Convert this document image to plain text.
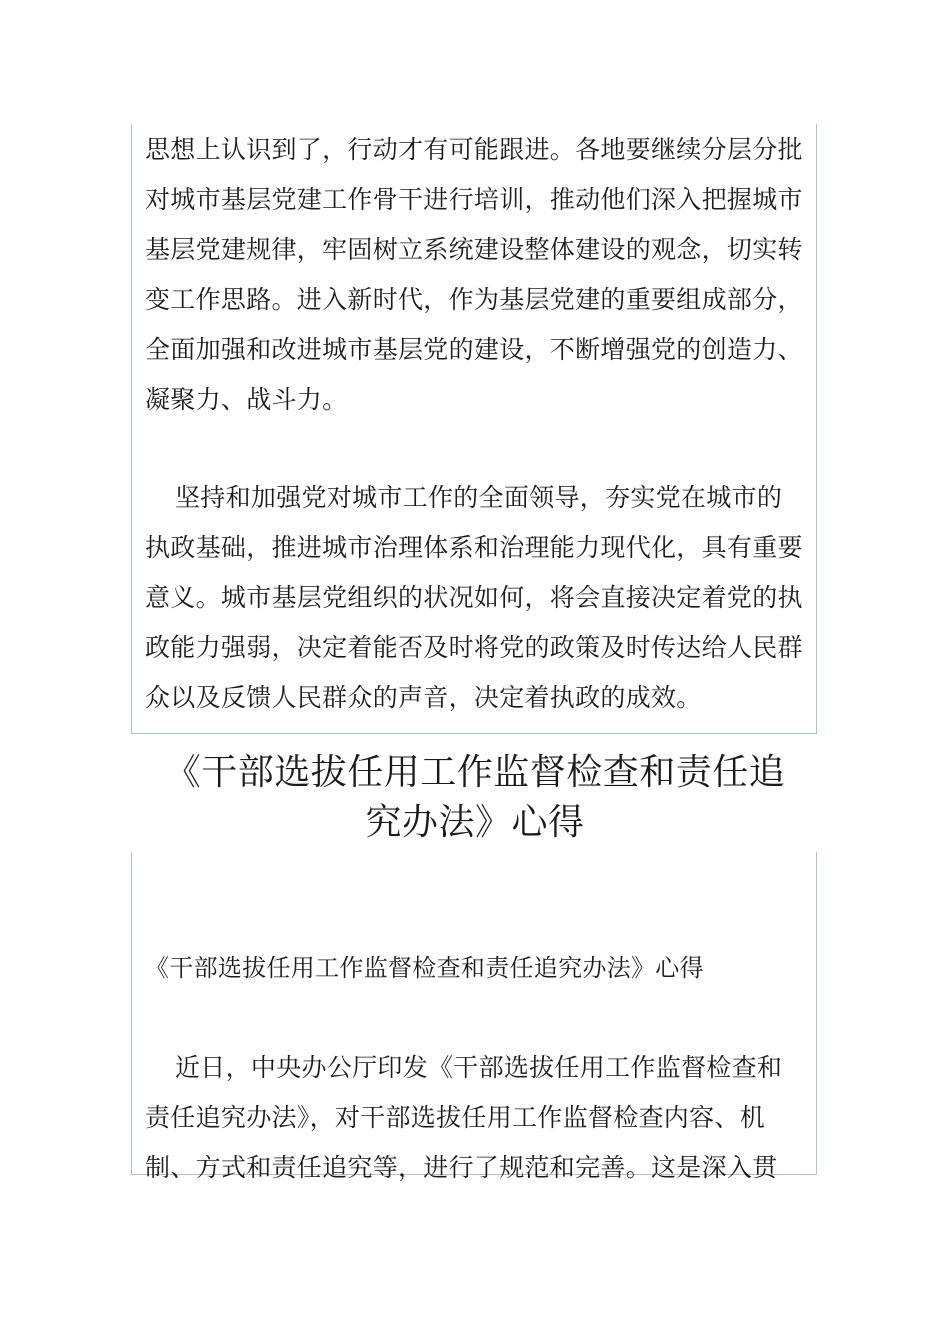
思想上认识到了，行动才有可能跟进。各地要继续分层分批对城市基层党建工作骨干进行培训，推动他们深入把握城市基层党建规律，牢固树立系统建设整体建设的观念，切实转变工作思路。进入新时代，作为基层党建的重要组成部分，全面加强和改进城市基层党的建设，不断增强党的创造力、凝聚力、战斗力。

坚持和加强党对城市工作的全面领导，夯实党在城市的执政基础，推进城市治理体系和治理能力现代化，具有重要意义。城市基层党组织的状况如何，将会直接决定着党的执政能力强弱，决定着能否及时将党的政策及时传达给人民群众以及反馈人民群众的声音，决定着执政的成效。

《干部选拔任用工作监督检查和责任追究办法》心得

《干部选拔任用工作监督检查和责任追究办法》心得

近日，中央办公厅印发《干部选拔任用工作监督检查和责任追究办法》，对干部选拔任用工作监督检查内容、机制、方式和责任追究等，进行了规范和完善。这是深入贯
